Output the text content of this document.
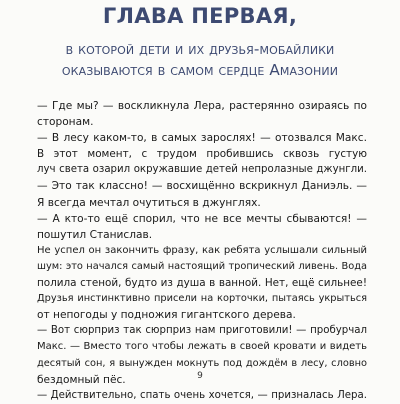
ГЛАВА ПЕРВАЯ,
в которой дети и их друзья-мобайлики
оказываются в самом сердце Амазонии
— Где мы? — воскликнула Лера, растерянно озираясь по
сторонам.
— В лесу каком-то, в самых зарослях! — отозвался Макс.
В этот момент, с трудом пробившись сквозь густую
луч света озарил окружавшие детей непролазные джунгли.
— Это так классно! — восхищённо вскрикнул Даниэль. —
Я всегда мечтал очутиться в джунглях.
— А кто-то ещё спорил, что не все мечты сбываются! —
пошутил Станислав.
Не успел он закончить фразу, как ребята услышали сильный
шум: это начался самый настоящий тропический ливень. Вода
полила стеной, будто из душа в ванной. Нет, ещё сильнее!
Друзья инстинктивно присели на корточки, пытаясь укрыться
от непогоды у подножия гигантского дерева.
— Вот сюрприз так сюрприз нам приготовили! — пробурчал
Макс. — Вместо того чтобы лежать в своей кровати и видеть
десятый сон, я вынужден мокнуть под дождём в лесу, словно
бездомный пёс.
— Действительно, спать очень хочется, — призналась Лера.
9
